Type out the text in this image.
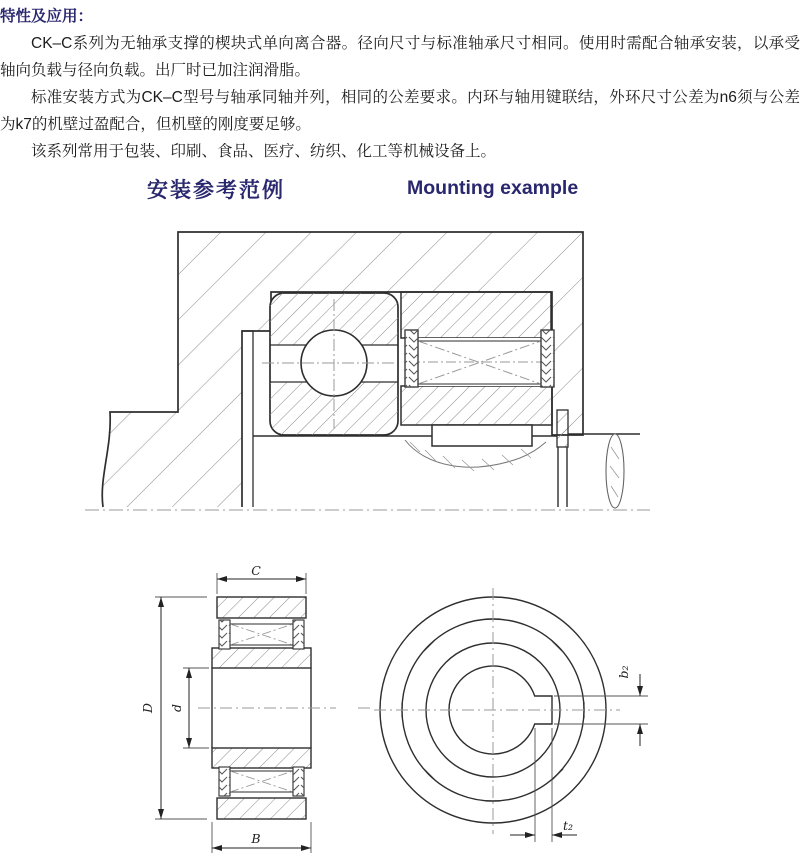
特性及应用：

CK–C系列为无轴承支撑的楔块式单向离合器。径向尺寸与标准轴承尺寸相同。使用时需配合轴承安装，以承受轴向负载与径向负载。出厂时已加注润滑脂。

标准安装方式为CK–C型号与轴承同轴并列，相同的公差要求。内环与轴用键联结，外环尺寸公差为n6须与公差为k7的机壁过盈配合，但机壁的刚度要足够。

该系列常用于包装、印刷、食品、医疗、纺织、化工等机械设备上。

安装参考范例	Mounting example
C
B
D d
b₂
t₂
